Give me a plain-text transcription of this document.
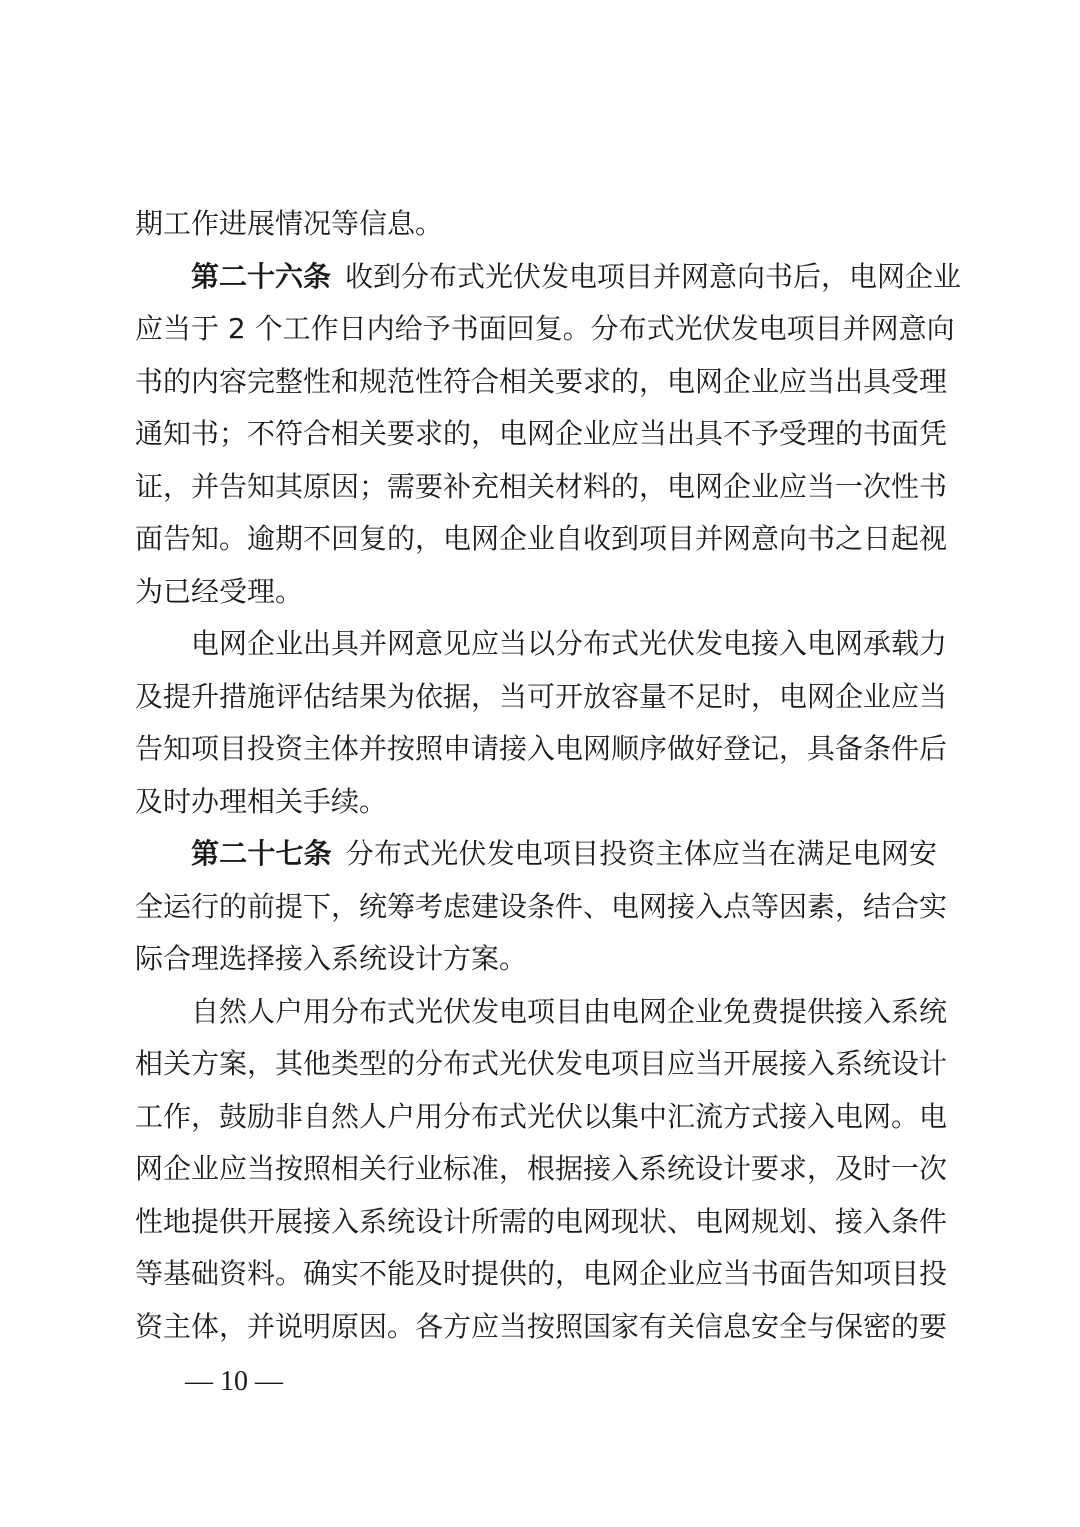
期工作进展情况等信息。
第二十六条 收到分布式光伏发电项目并网意向书后，电网企业
应当于 2 个工作日内给予书面回复。分布式光伏发电项目并网意向
书的内容完整性和规范性符合相关要求的，电网企业应当出具受理
通知书；不符合相关要求的，电网企业应当出具不予受理的书面凭
证，并告知其原因；需要补充相关材料的，电网企业应当一次性书
面告知。逾期不回复的，电网企业自收到项目并网意向书之日起视
为已经受理。
电网企业出具并网意见应当以分布式光伏发电接入电网承载力
及提升措施评估结果为依据，当可开放容量不足时，电网企业应当
告知项目投资主体并按照申请接入电网顺序做好登记，具备条件后
及时办理相关手续。
第二十七条 分布式光伏发电项目投资主体应当在满足电网安
全运行的前提下，统筹考虑建设条件、电网接入点等因素，结合实
际合理选择接入系统设计方案。
自然人户用分布式光伏发电项目由电网企业免费提供接入系统
相关方案，其他类型的分布式光伏发电项目应当开展接入系统设计
工作，鼓励非自然人户用分布式光伏以集中汇流方式接入电网。电
网企业应当按照相关行业标准，根据接入系统设计要求，及时一次
性地提供开展接入系统设计所需的电网现状、电网规划、接入条件
等基础资料。确实不能及时提供的，电网企业应当书面告知项目投
资主体，并说明原因。各方应当按照国家有关信息安全与保密的要
— 10 —
